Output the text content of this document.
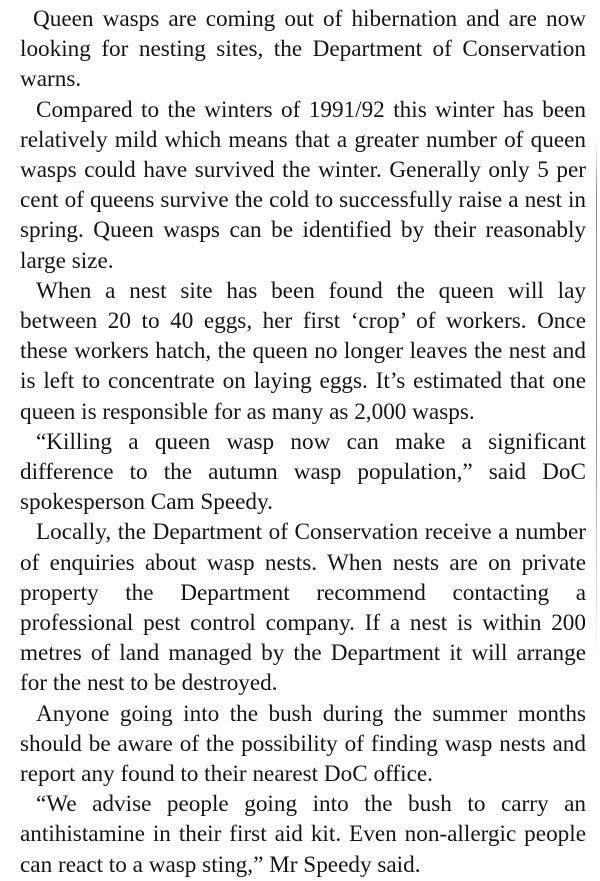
Queen wasps are coming out of hibernation and are now looking for nesting sites, the Department of Conservation warns.

Compared to the winters of 1991/92 this winter has been relatively mild which means that a greater number of queen wasps could have survived the winter. Generally only 5 per cent of queens survive the cold to successfully raise a nest in spring. Queen wasps can be identified by their reasonably large size.

When a nest site has been found the queen will lay between 20 to 40 eggs, her first ‘crop’ of workers. Once these workers hatch, the queen no longer leaves the nest and is left to concentrate on laying eggs. It’s estimated that one queen is responsible for as many as 2,000 wasps.

“Killing a queen wasp now can make a significant difference to the autumn wasp population,” said DoC spokesperson Cam Speedy.

Locally, the Department of Conservation receive a number of enquiries about wasp nests. When nests are on private property the Department recommend contacting a professional pest control company. If a nest is within 200 metres of land managed by the Department it will arrange for the nest to be destroyed.

Anyone going into the bush during the summer months should be aware of the possibility of finding wasp nests and report any found to their nearest DoC office.

“We advise people going into the bush to carry an antihistamine in their first aid kit. Even non-allergic people can react to a wasp sting,” Mr Speedy said.
